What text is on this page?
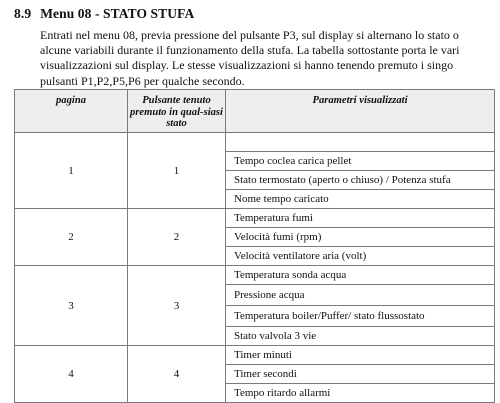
8.9 Menu 08 - STATO STUFA
Entrati nel menu 08, previa pressione del pulsante P3, sul display si alternano lo stato o
alcune variabili durante il funzionamento della stufa. La tabella sottostante porta le vari
visualizzazioni sul display. Le stesse visualizzazioni si hanno tenendo premuto i singo
pulsanti P1,P2,P5,P6 per qualche secondo.
pagina	Pulsante tenuto premuto in qual-siasi stato	Parametri visualizzati
1	1	
		Tempo coclea carica pellet
		Stato termostato (aperto o chiuso) / Potenza stufa
		Nome tempo caricato
2	2	Temperatura fumi
		Velocità fumi (rpm)
		Velocità ventilatore aria (volt)
3	3	Temperatura sonda acqua
		Pressione acqua
		Temperatura boiler/Puffer/ stato flussostato
		Stato valvola 3 vie
4	4	Timer minuti
		Timer secondi
		Tempo ritardo allarmi
